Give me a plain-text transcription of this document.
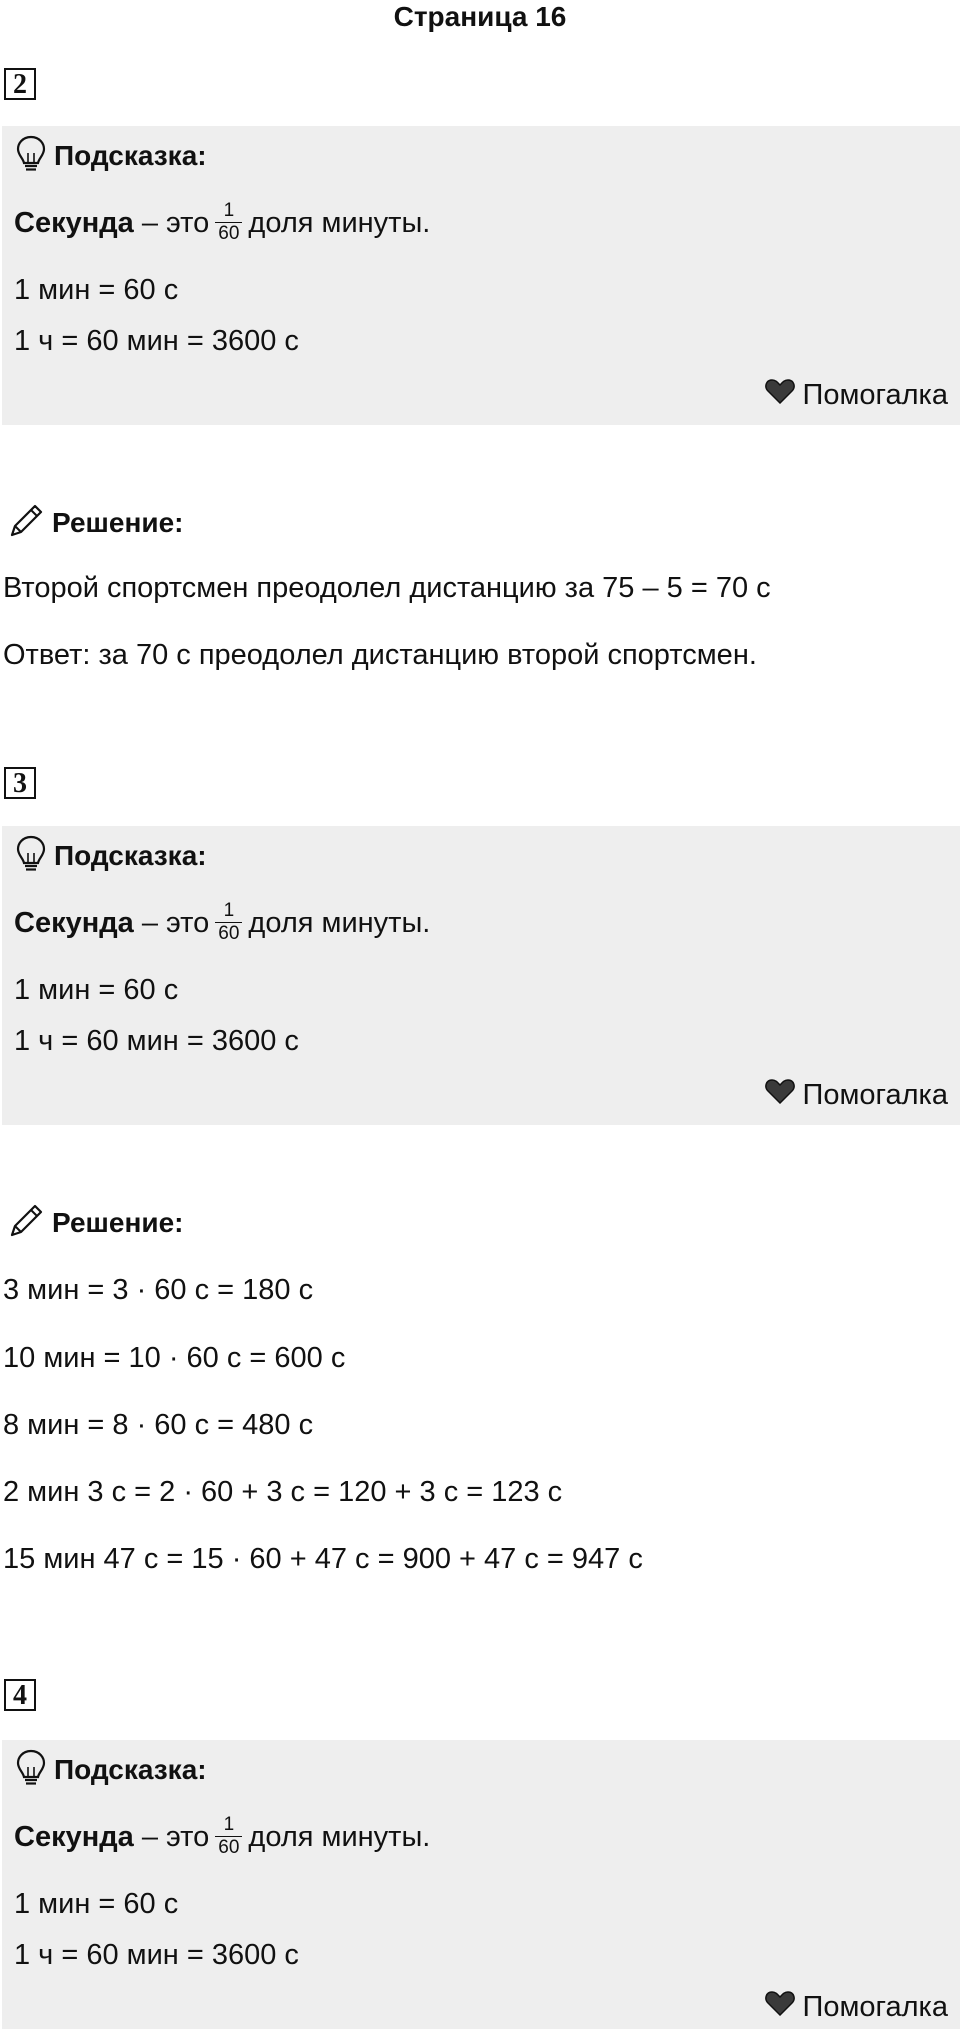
Страница 16
2
Подсказка:
Секунда – это $\frac{1}{60}$ доля минуты.
1 мин = 60 с
1 ч = 60 мин = 3600 с
Помогалка
Решение:
Второй спортсмен преодолел дистанцию за 75 – 5 = 70 с
Ответ: за 70 с преодолел дистанцию второй спортсмен.
3
Подсказка:
Секунда – это $\frac{1}{60}$ доля минуты.
1 мин = 60 с
1 ч = 60 мин = 3600 с
Помогалка
Решение:
3 мин = 3 · 60 с = 180 с
10 мин = 10 · 60 с = 600 с
8 мин = 8 · 60 с = 480 с
2 мин 3 с = 2 · 60 + 3 с = 120 + 3 с = 123 с
15 мин 47 с = 15 · 60 + 47 с = 900 + 47 с = 947 с
4
Подсказка:
Секунда – это $\frac{1}{60}$ доля минуты.
1 мин = 60 с
1 ч = 60 мин = 3600 с
Помогалка
